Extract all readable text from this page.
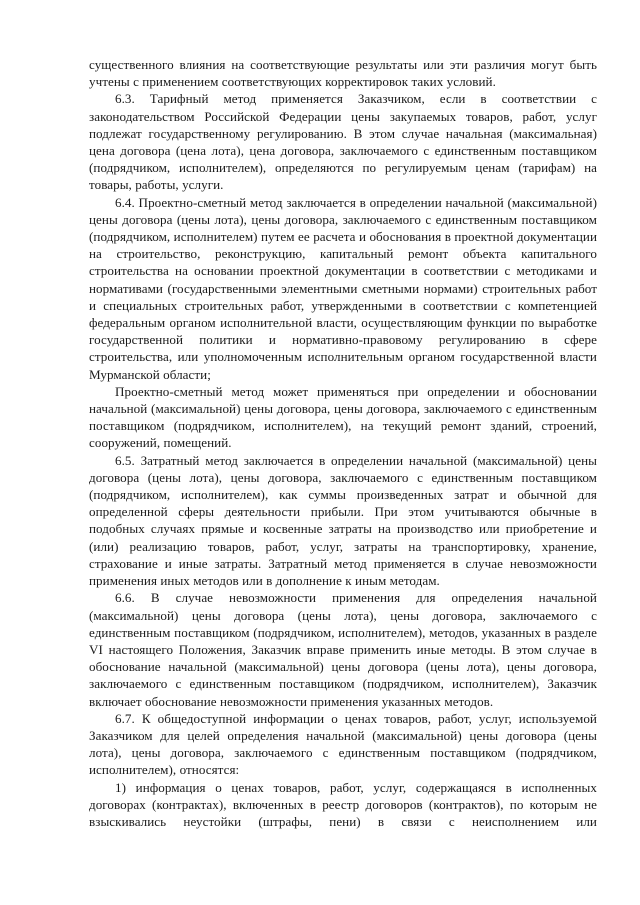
существенного влияния на соответствующие результаты или эти различия могут быть учтены с применением соответствующих корректировок таких условий.

6.3. Тарифный метод применяется Заказчиком, если в соответствии с законодательством Российской Федерации цены закупаемых товаров, работ, услуг подлежат государственному регулированию. В этом случае начальная (максимальная) цена договора (цена лота), цена договора, заключаемого с единственным поставщиком (подрядчиком, исполнителем), определяются по регулируемым ценам (тарифам) на товары, работы, услуги.

6.4. Проектно-сметный метод заключается в определении начальной (максимальной) цены договора (цены лота), цены договора, заключаемого с единственным поставщиком (подрядчиком, исполнителем) путем ее расчета и обоснования в проектной документации на строительство, реконструкцию, капитальный ремонт объекта капитального строительства на основании проектной документации в соответствии с методиками и нормативами (государственными элементными сметными нормами) строительных работ и специальных строительных работ, утвержденными в соответствии с компетенцией федеральным органом исполнительной власти, осуществляющим функции по выработке государственной политики и нормативно-правовому регулированию в сфере строительства, или уполномоченным исполнительным органом государственной власти Мурманской области;

Проектно-сметный метод может применяться при определении и обосновании начальной (максимальной) цены договора, цены договора, заключаемого с единственным поставщиком (подрядчиком, исполнителем), на текущий ремонт зданий, строений, сооружений, помещений.

6.5. Затратный метод заключается в определении начальной (максимальной) цены договора (цены лота), цены договора, заключаемого с единственным поставщиком (подрядчиком, исполнителем), как суммы произведенных затрат и обычной для определенной сферы деятельности прибыли. При этом учитываются обычные в подобных случаях прямые и косвенные затраты на производство или приобретение и (или) реализацию товаров, работ, услуг, затраты на транспортировку, хранение, страхование и иные затраты. Затратный метод применяется в случае невозможности применения иных методов или в дополнение к иным методам.

6.6. В случае невозможности применения для определения начальной (максимальной) цены договора (цены лота), цены договора, заключаемого с единственным поставщиком (подрядчиком, исполнителем), методов, указанных в разделе VI настоящего Положения, Заказчик вправе применить иные методы. В этом случае в обоснование начальной (максимальной) цены договора (цены лота), цены договора, заключаемого с единственным поставщиком (подрядчиком, исполнителем), Заказчик включает обоснование невозможности применения указанных методов.

6.7. К общедоступной информации о ценах товаров, работ, услуг, используемой Заказчиком для целей определения начальной (максимальной) цены договора (цены лота), цены договора, заключаемого с единственным поставщиком (подрядчиком, исполнителем), относятся:

1) информация о ценах товаров, работ, услуг, содержащаяся в исполненных договорах (контрактах), включенных в реестр договоров (контрактов), по которым не взыскивались неустойки (штрафы, пени) в связи с неисполнением или
